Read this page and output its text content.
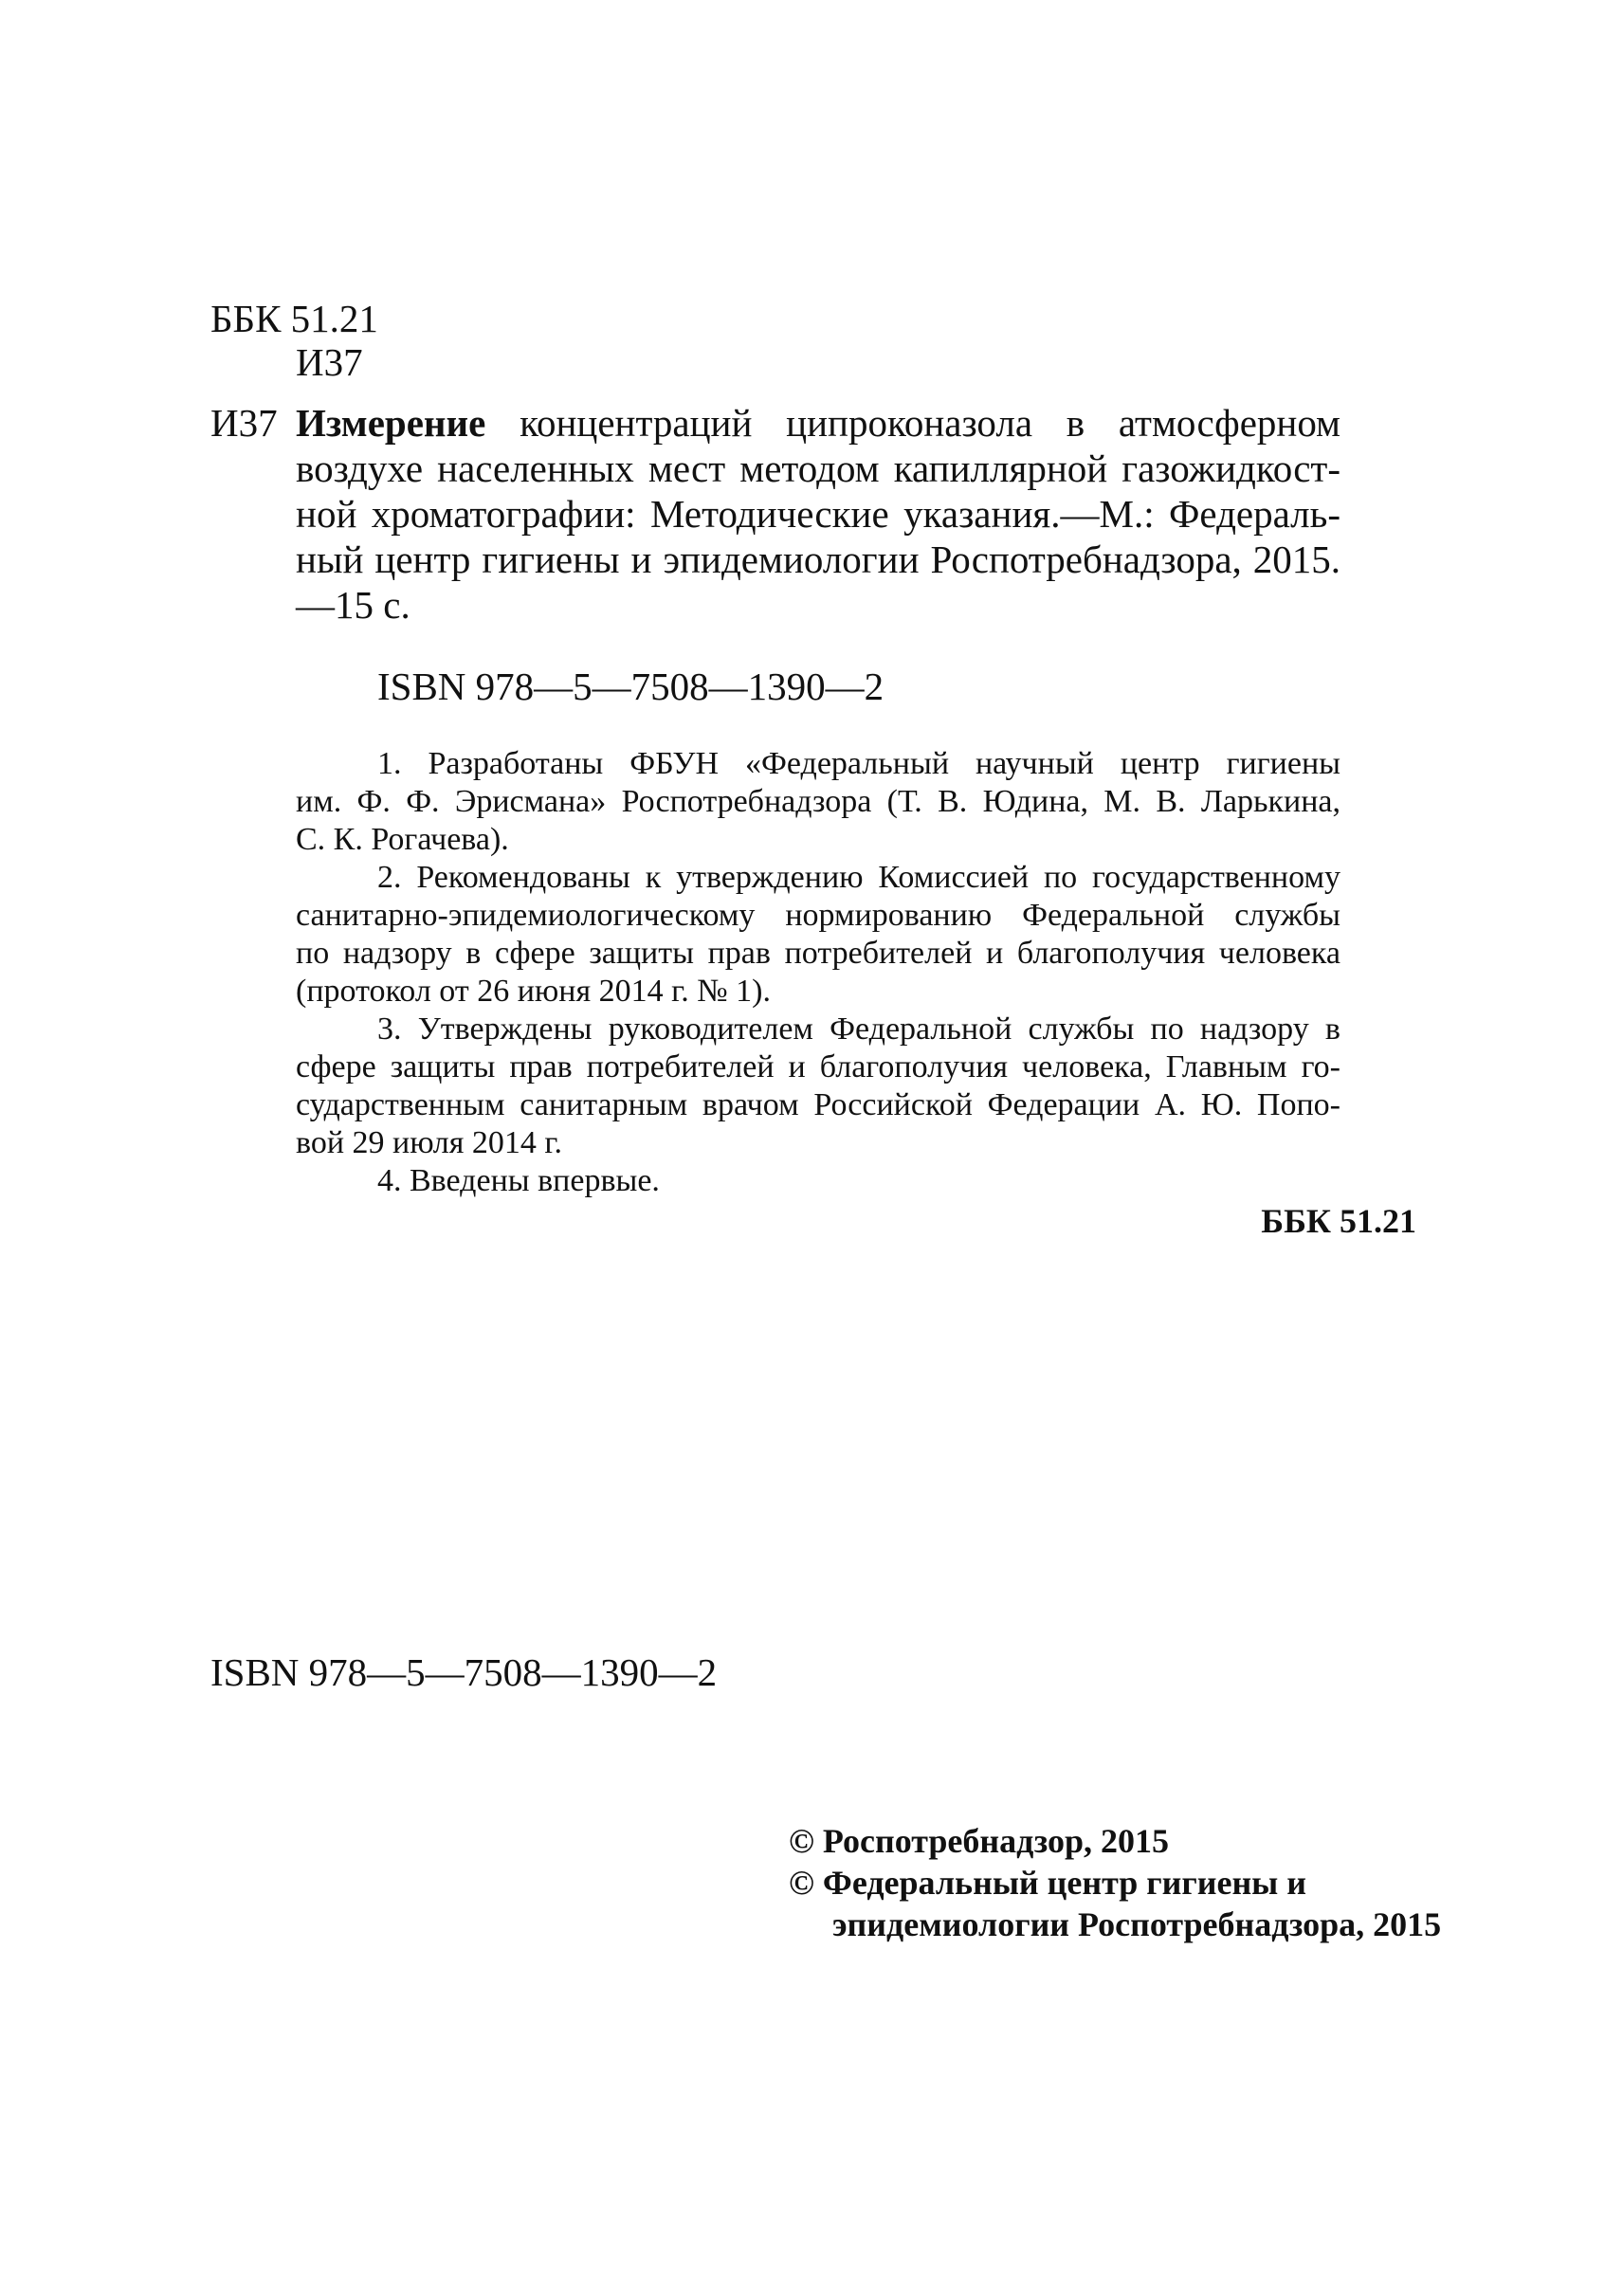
ББК 51.21
И37
И37 Измерение концентраций ципроконазола в атмосферном
воздухе населенных мест методом капиллярной газожидкост-
ной хроматографии: Методические указания.—М.: Федераль-
ный центр гигиены и эпидемиологии Роспотребнадзора, 2015.
—15 с.
ISBN 978—5—7508—1390—2
1. Разработаны ФБУН «Федеральный научный центр гигиены
им. Ф. Ф. Эрисмана» Роспотребнадзора (Т. В. Юдина, М. В. Ларькина,
С. К. Рогачева).
2. Рекомендованы к утверждению Комиссией по государственному
санитарно-эпидемиологическому нормированию Федеральной службы
по надзору в сфере защиты прав потребителей и благополучия человека
(протокол от 26 июня 2014 г. № 1).
3. Утверждены руководителем Федеральной службы по надзору в
сфере защиты прав потребителей и благополучия человека, Главным го-
сударственным санитарным врачом Российской Федерации А. Ю. Попо-
вой 29 июля 2014 г.
4. Введены впервые.
ББК 51.21
ISBN 978—5—7508—1390—2
© Роспотребнадзор, 2015
© Федеральный центр гигиены и
эпидемиологии Роспотребнадзора, 2015
